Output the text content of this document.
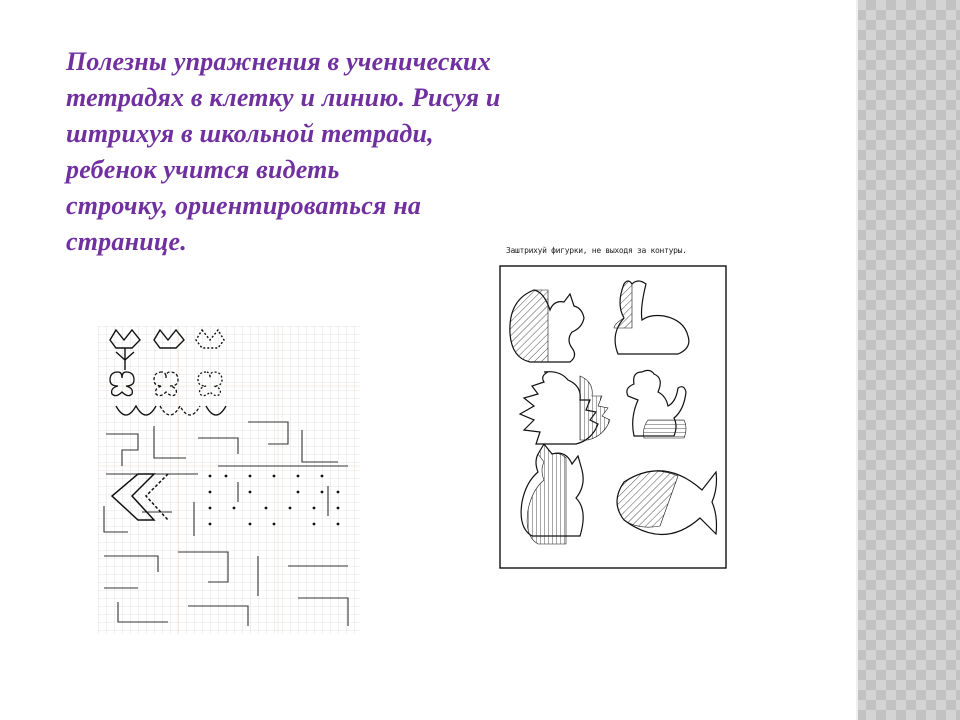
Полезны упражнения в ученических
тетрадях в клетку и линию. Рисуя и
штрихуя в школьной тетради,
ребенок учится видеть
строчку, ориентироваться на
странице.	Заштрихуй фигурки, не выходя за контуры.
